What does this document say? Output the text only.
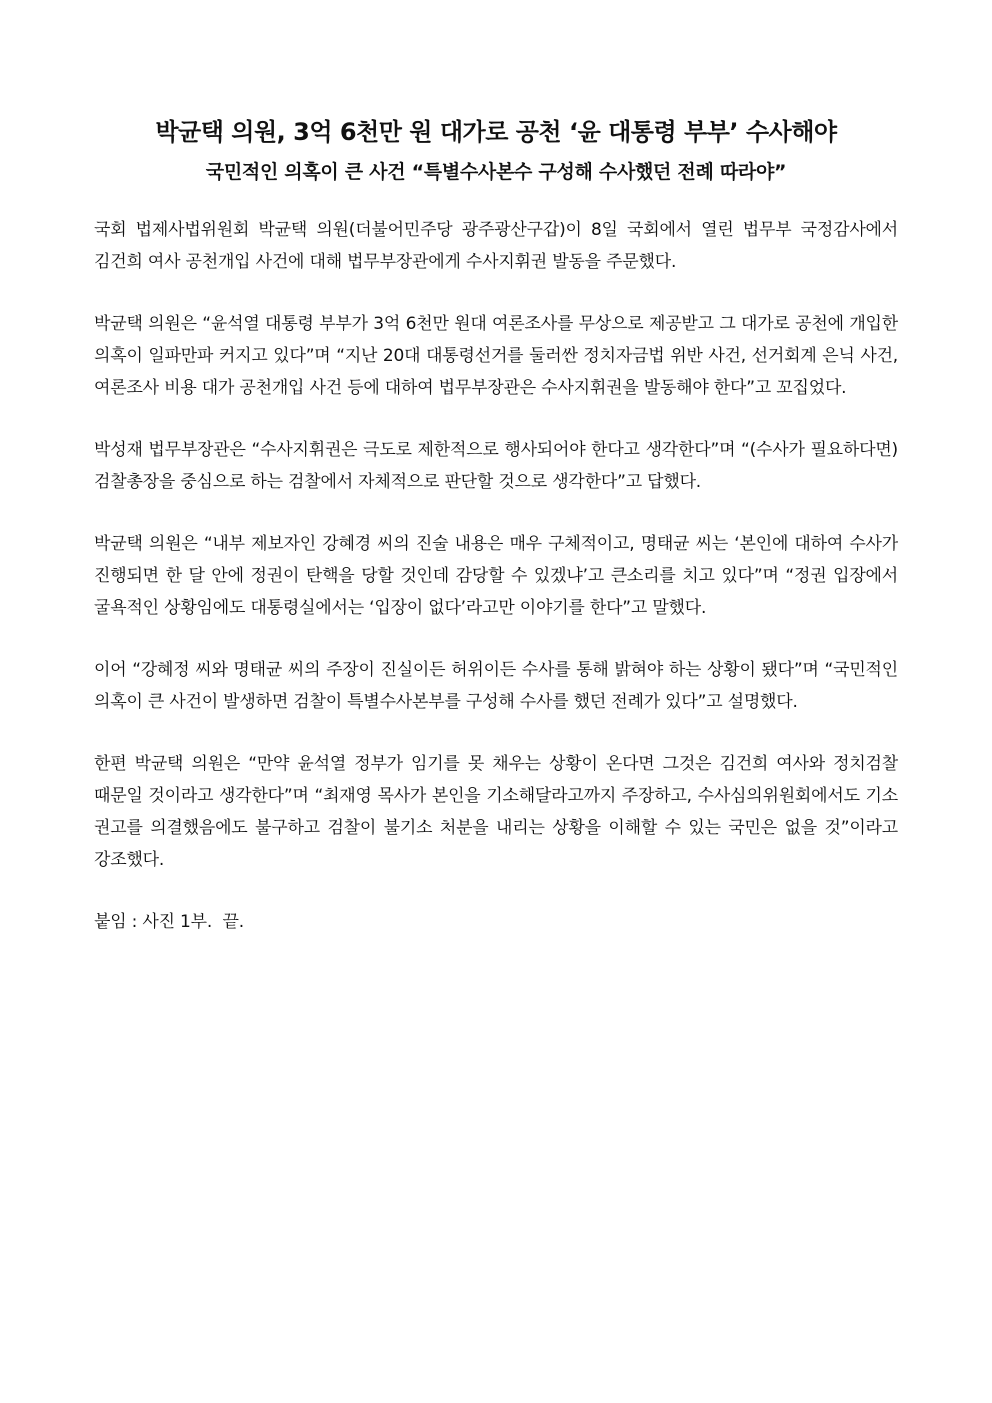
박균택 의원, 3억 6천만 원 대가로 공천 ‘윤 대통령 부부’ 수사해야
국민적인 의혹이 큰 사건 “특별수사본수 구성해 수사했던 전례 따라야”

국회 법제사법위원회 박균택 의원(더불어민주당 광주광산구갑)이 8일 국회에서 열린 법무부 국정감사에서 김건희 여사 공천개입 사건에 대해 법무부장관에게 수사지휘권 발동을 주문했다.

박균택 의원은 “윤석열 대통령 부부가 3억 6천만 원대 여론조사를 무상으로 제공받고 그 대가로 공천에 개입한 의혹이 일파만파 커지고 있다”며 “지난 20대 대통령선거를 둘러싼 정치자금법 위반 사건, 선거회계 은닉 사건, 여론조사 비용 대가 공천개입 사건 등에 대하여 법무부장관은 수사지휘권을 발동해야 한다”고 꼬집었다.

박성재 법무부장관은 “수사지휘권은 극도로 제한적으로 행사되어야 한다고 생각한다”며 “(수사가 필요하다면) 검찰총장을 중심으로 하는 검찰에서 자체적으로 판단할 것으로 생각한다”고 답했다.

박균택 의원은 “내부 제보자인 강혜경 씨의 진술 내용은 매우 구체적이고, 명태균 씨는 ‘본인에 대하여 수사가 진행되면 한 달 안에 정권이 탄핵을 당할 것인데 감당할 수 있겠냐’고 큰소리를 치고 있다”며 “정권 입장에서 굴욕적인 상황임에도 대통령실에서는 ‘입장이 없다’라고만 이야기를 한다”고 말했다.

이어 “강혜정 씨와 명태균 씨의 주장이 진실이든 허위이든 수사를 통해 밝혀야 하는 상황이 됐다”며 “국민적인 의혹이 큰 사건이 발생하면 검찰이 특별수사본부를 구성해 수사를 했던 전례가 있다”고 설명했다.

한편 박균택 의원은 “만약 윤석열 정부가 임기를 못 채우는 상황이 온다면 그것은 김건희 여사와 정치검찰 때문일 것이라고 생각한다”며 “최재영 목사가 본인을 기소해달라고까지 주장하고, 수사심의위원회에서도 기소 권고를 의결했음에도 불구하고 검찰이 불기소 처분을 내리는 상황을 이해할 수 있는 국민은 없을 것”이라고 강조했다.

붙임 : 사진 1부.  끝.
